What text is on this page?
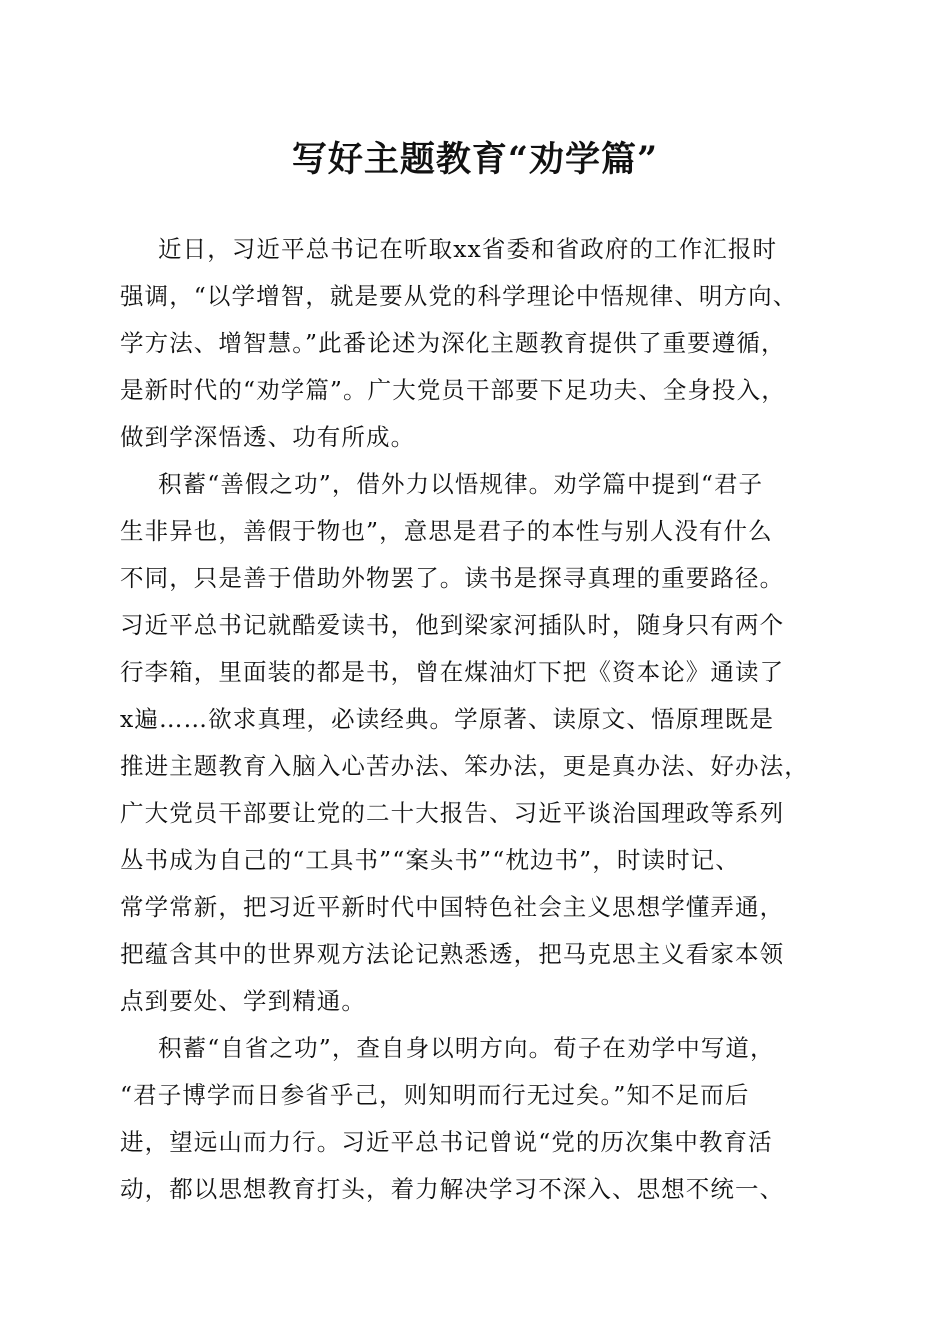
写好主题教育“劝学篇”
近日，习近平总书记在听取xx省委和省政府的工作汇报时
强调，“以学增智，就是要从党的科学理论中悟规律、明方向、
学方法、增智慧。”此番论述为深化主题教育提供了重要遵循，
是新时代的“劝学篇”。广大党员干部要下足功夫、全身投入，
做到学深悟透、功有所成。
积蓄“善假之功”，借外力以悟规律。劝学篇中提到“君子
生非异也，善假于物也”，意思是君子的本性与别人没有什么
不同，只是善于借助外物罢了。读书是探寻真理的重要路径。
习近平总书记就酷爱读书，他到梁家河插队时，随身只有两个
行李箱，里面装的都是书，曾在煤油灯下把《资本论》通读了
x遍……欲求真理，必读经典。学原著、读原文、悟原理既是
推进主题教育入脑入心苦办法、笨办法，更是真办法、好办法，
广大党员干部要让党的二十大报告、习近平谈治国理政等系列
丛书成为自己的“工具书”“案头书”“枕边书”，时读时记、
常学常新，把习近平新时代中国特色社会主义思想学懂弄通，
把蕴含其中的世界观方法论记熟悉透，把马克思主义看家本领
点到要处、学到精通。
积蓄“自省之功”，查自身以明方向。荀子在劝学中写道，
“君子博学而日参省乎己，则知明而行无过矣。”知不足而后
进，望远山而力行。习近平总书记曾说“党的历次集中教育活
动，都以思想教育打头，着力解决学习不深入、思想不统一、
